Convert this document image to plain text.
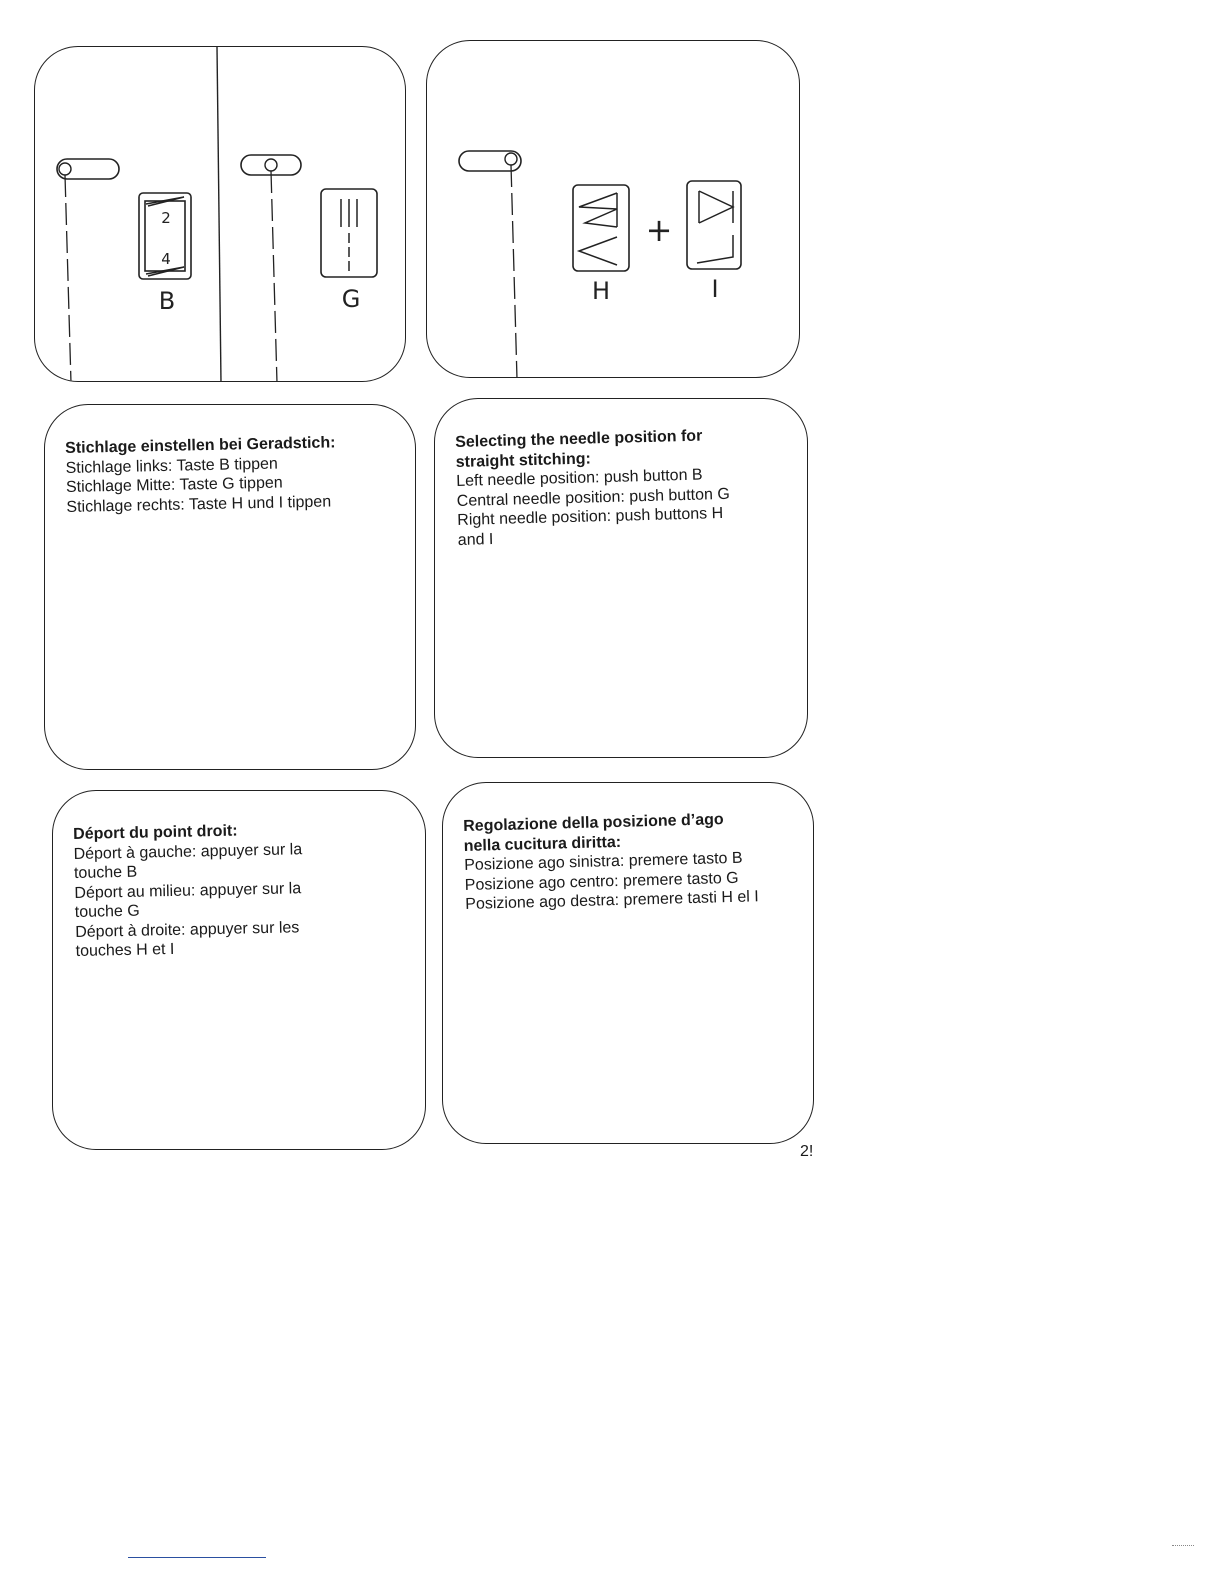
2
4
B	G	H
+
I

Stichlage einstellen bei Geradstich:

Stichlage links: Taste B tippen

Stichlage Mitte: Taste G tippen

Stichlage rechts: Taste H und I tippen

Selecting the needle position for

straight stitching:

Left needle position: push button B

Central needle position: push button G

Right needle position: push buttons H

and I

Déport du point droit:

Déport à gauche: appuyer sur la

touche B

Déport au milieu: appuyer sur la

touche G

Déport à droite: appuyer sur les

touches H et I

Regolazione della posizione d’ago

nella cucitura diritta:

Posizione ago sinistra: premere tasto B

Posizione ago centro: premere tasto G

Posizione ago destra: premere tasti H el I

2!
